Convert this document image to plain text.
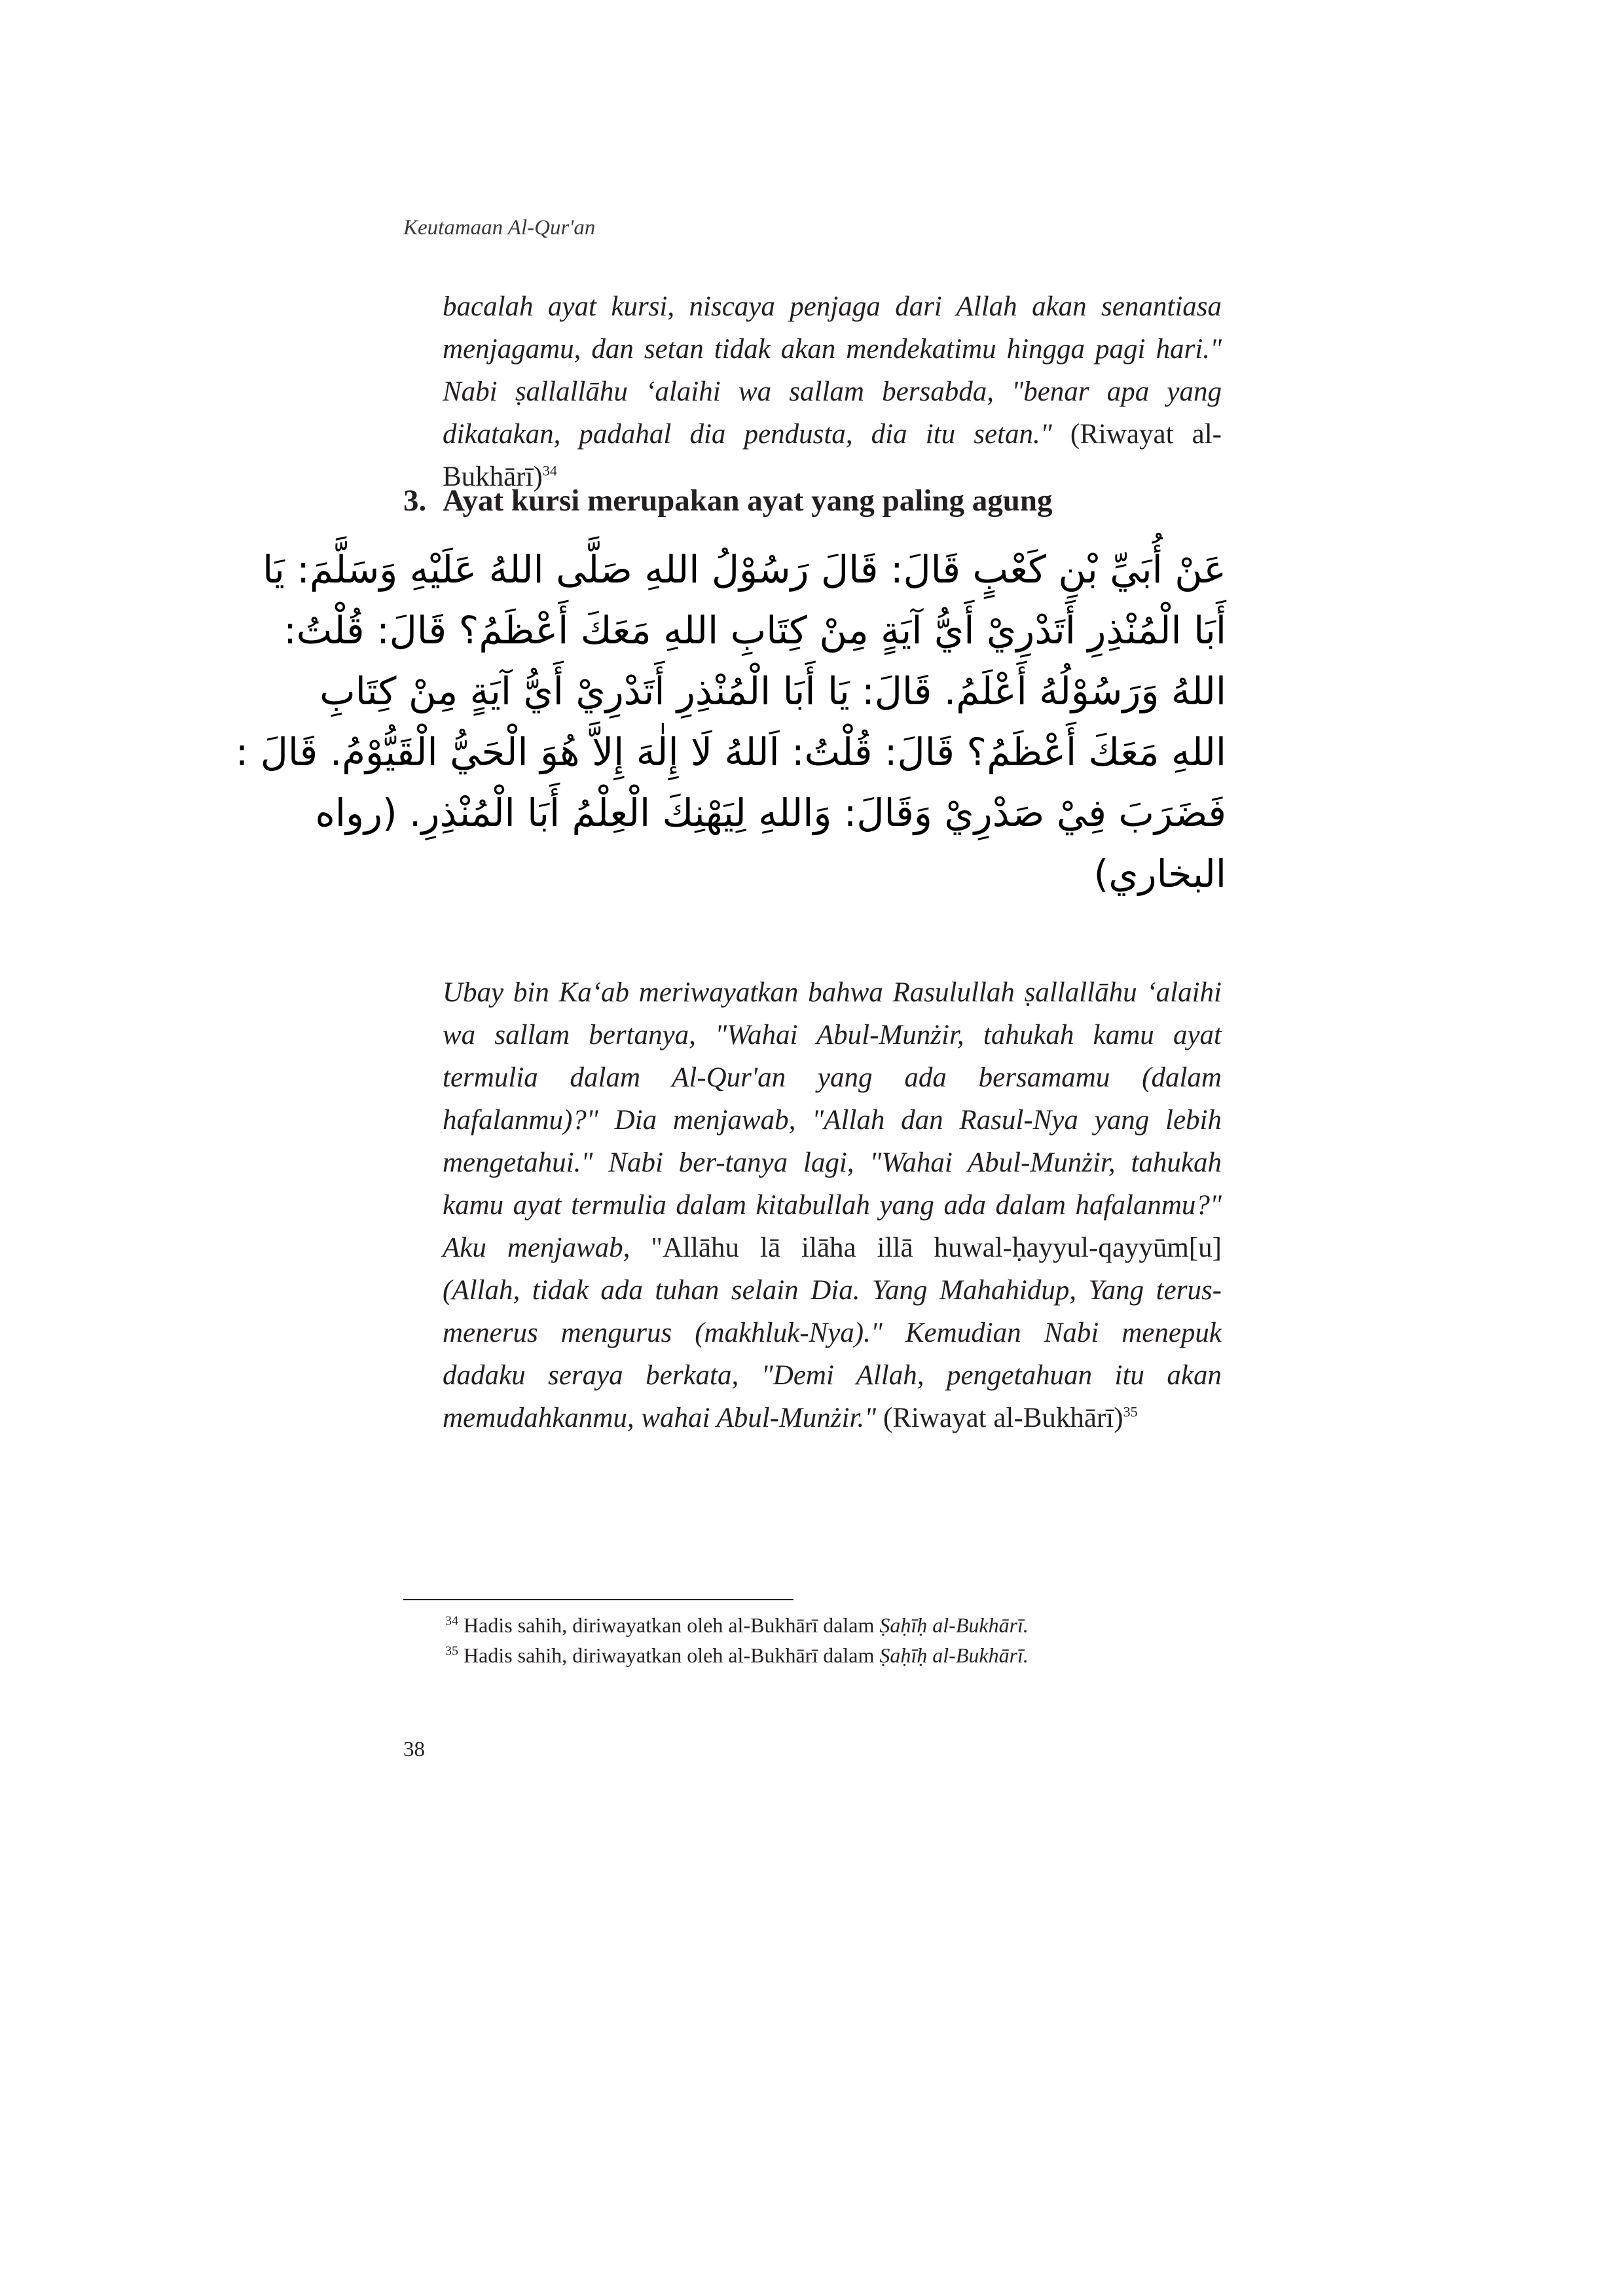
Keutamaan Al-Qur'an
bacalah ayat kursi, niscaya penjaga dari Allah akan senantiasa menjagamu, dan setan tidak akan mendekatimu hingga pagi hari." Nabi ṣallallāhu ‘alaihi wa sallam bersabda, "benar apa yang dikatakan, padahal dia pendusta, dia itu setan." (Riwayat al-Bukhārī)$^{34}$
3. Ayat kursi merupakan ayat yang paling agung
عَنْ أُبَيِّ بْنِ كَعْبٍ قَالَ: قَالَ رَسُوْلُ اللهِ صَلَّى اللهُ عَلَيْهِ وَسَلَّمَ: يَا
أَبَا الْمُنْذِرِ أَتَدْرِيْ أَيُّ آيَةٍ مِنْ كِتَابِ اللهِ مَعَكَ أَعْظَمُ؟ قَالَ: قُلْتُ:
اللهُ وَرَسُوْلُهُ أَعْلَمُ. قَالَ: يَا أَبَا الْمُنْذِرِ أَتَدْرِيْ أَيُّ آيَةٍ مِنْ كِتَابِ
اللهِ مَعَكَ أَعْظَمُ؟ قَالَ: قُلْتُ: اَللهُ لَا إِلٰهَ إِلاَّ هُوَ الْحَيُّ الْقَيُّوْمُ. قَالَ :
فَضَرَبَ فِيْ صَدْرِيْ وَقَالَ: وَاللهِ لِيَهْنِكَ الْعِلْمُ أَبَا الْمُنْذِرِ. (رواه
البخاري)
Ubay bin Ka‘ab meriwayatkan bahwa Rasulullah ṣallallāhu ‘alaihi wa sallam bertanya, "Wahai Abul-Munżir, tahukah kamu ayat termulia dalam Al-Qur'an yang ada bersamamu (dalam hafalanmu)?" Dia menjawab, "Allah dan Rasul-Nya yang lebih mengetahui." Nabi ber-tanya lagi, "Wahai Abul-Munżir, tahukah kamu ayat termulia dalam kitabullah yang ada dalam hafalanmu?" Aku menjawab, "Allāhu lā ilāha illā huwal-ḥayyul-qayyūm[u] (Allah, tidak ada tuhan selain Dia. Yang Mahahidup, Yang terus-menerus mengurus (makhluk-Nya)." Kemudian Nabi menepuk dadaku seraya berkata, "Demi Allah, pengetahuan itu akan memudahkanmu, wahai Abul-Munżir." (Riwayat al-Bukhārī)$^{35}$
$^{34}$ Hadis sahih, diriwayatkan oleh al-Bukhārī dalam Ṣaḥīḥ al-Bukhārī.
$^{35}$ Hadis sahih, diriwayatkan oleh al-Bukhārī dalam Ṣaḥīḥ al-Bukhārī.
38
